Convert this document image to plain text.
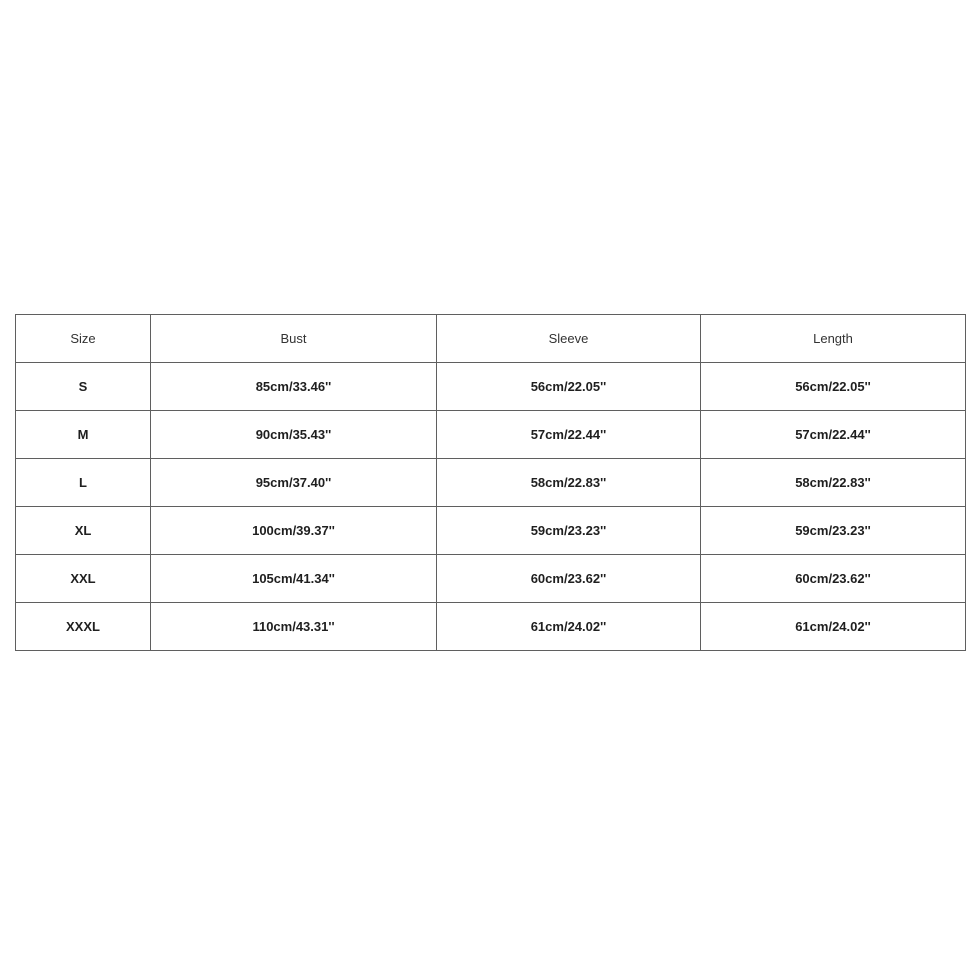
Size	Bust	Sleeve	Length
S	85cm/33.46''	56cm/22.05''	56cm/22.05''
M	90cm/35.43''	57cm/22.44''	57cm/22.44''
L	95cm/37.40''	58cm/22.83''	58cm/22.83''
XL	100cm/39.37''	59cm/23.23''	59cm/23.23''
XXL	105cm/41.34''	60cm/23.62''	60cm/23.62''
XXXL	110cm/43.31''	61cm/24.02''	61cm/24.02''
